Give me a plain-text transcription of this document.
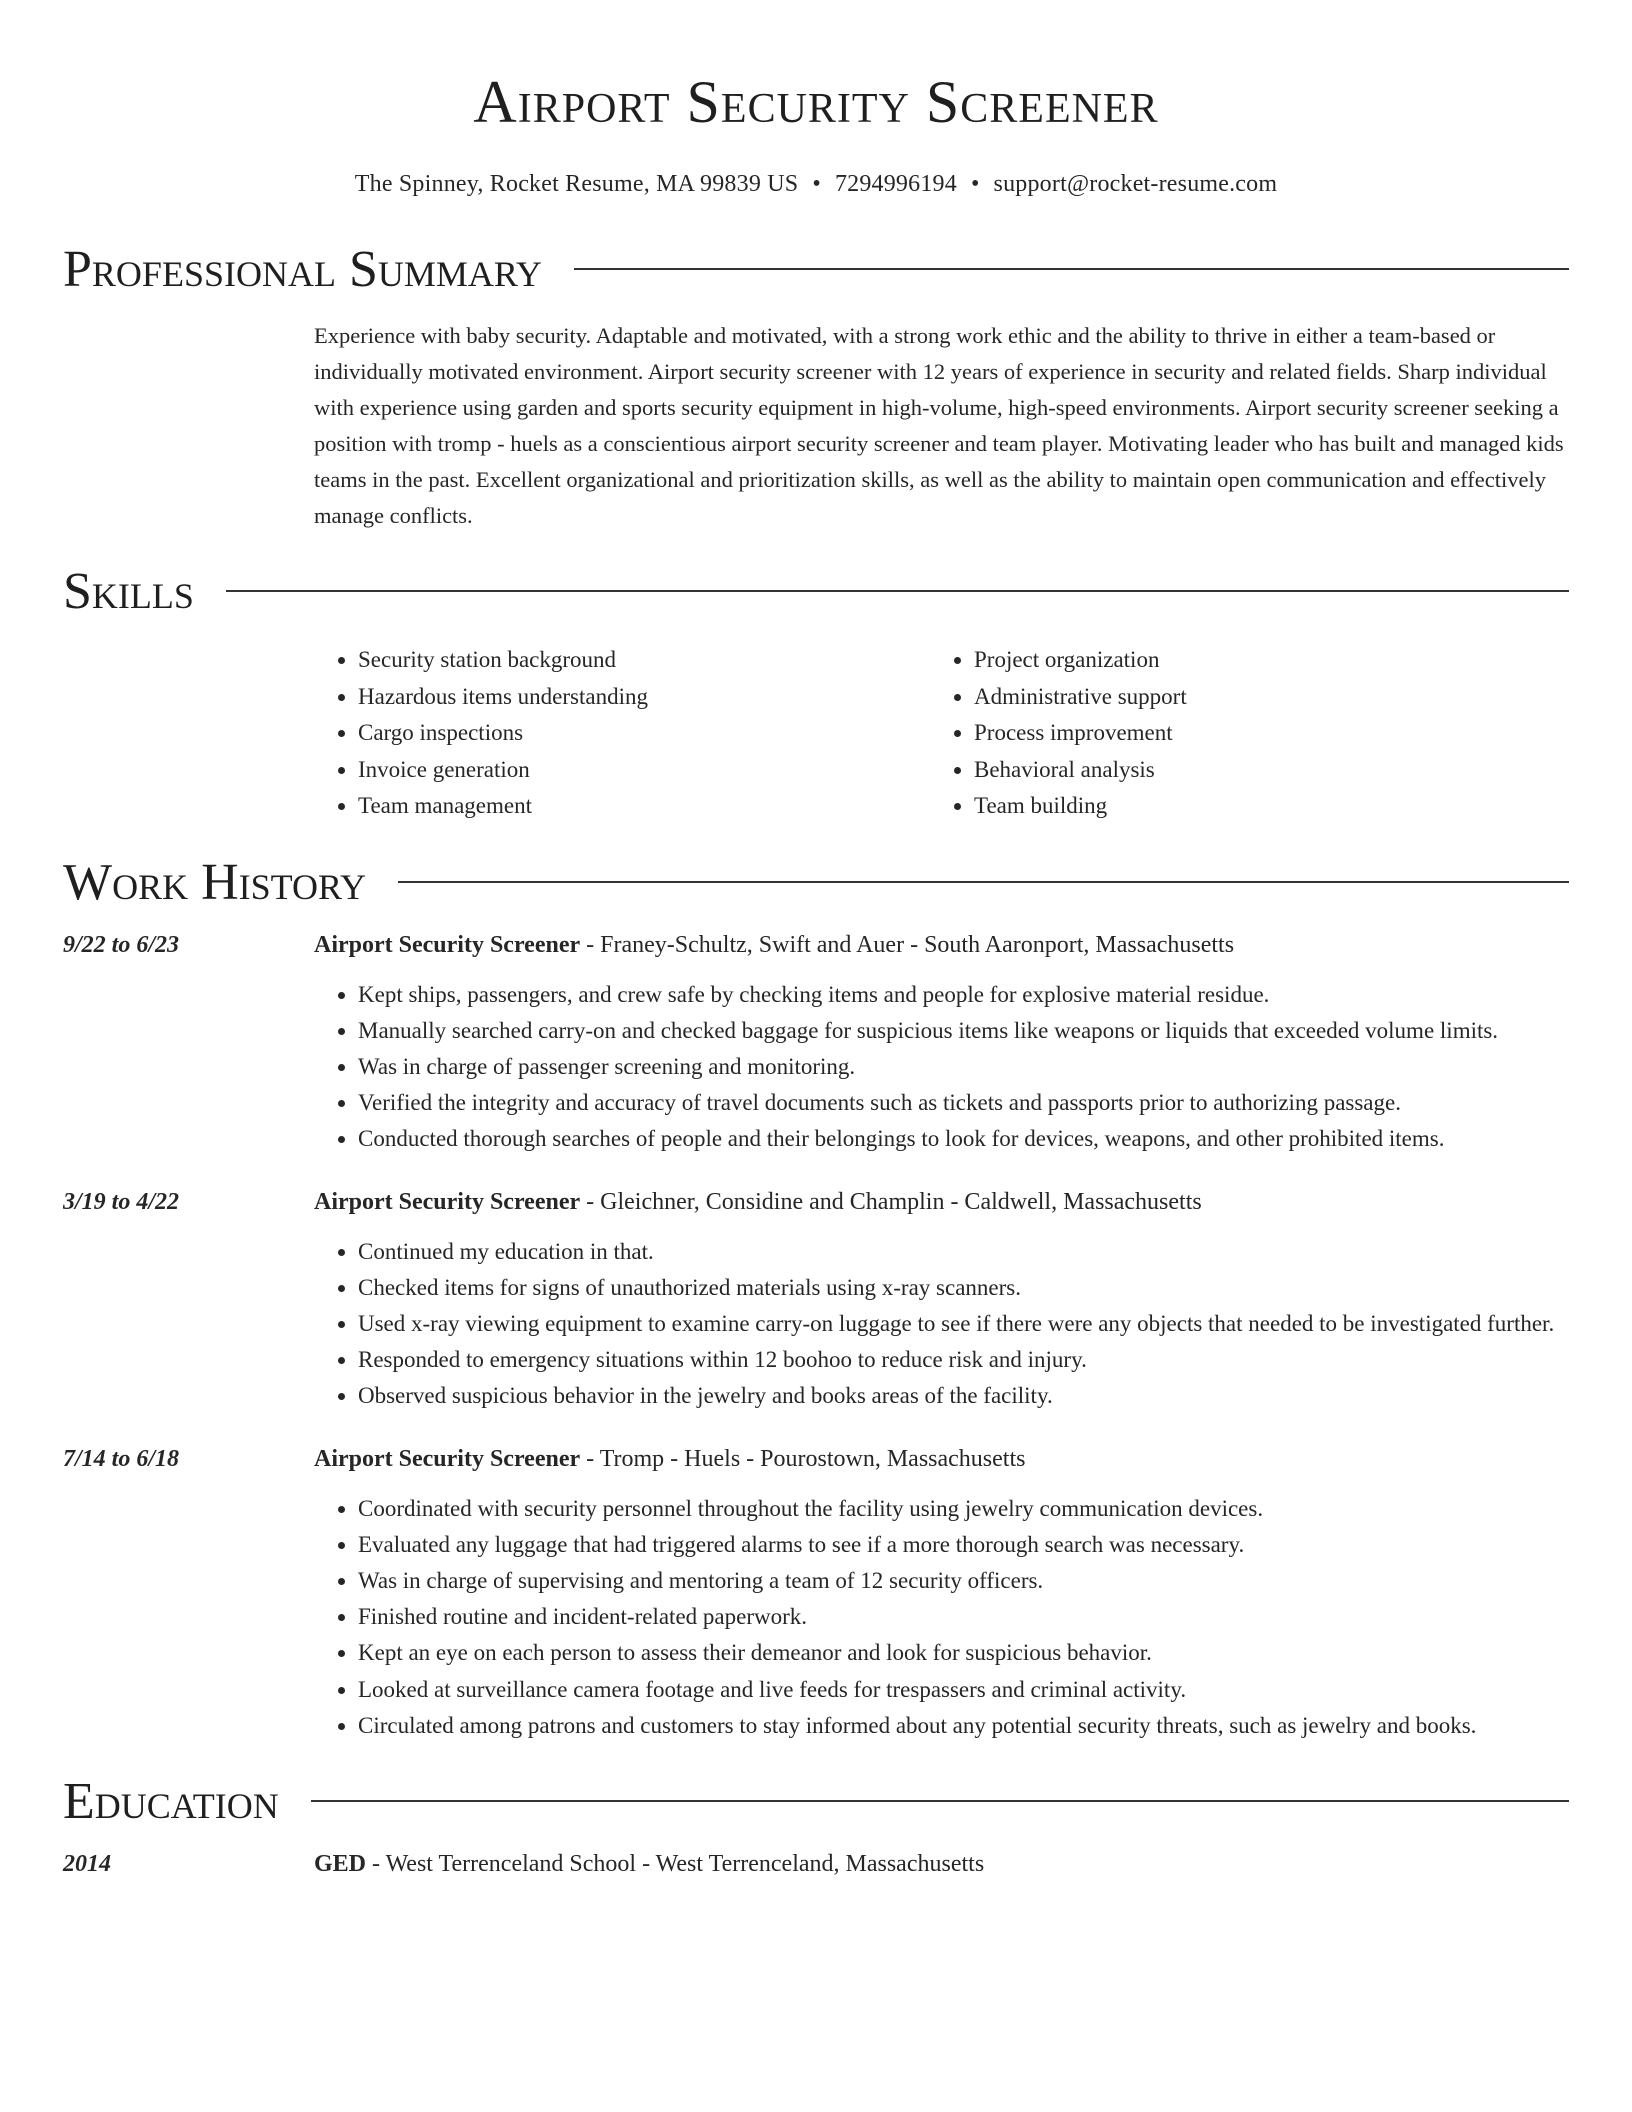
Airport Security Screener
The Spinney, Rocket Resume, MA 99839 US • 7294996194 • support@rocket-resume.com
Professional Summary
Experience with baby security. Adaptable and motivated, with a strong work ethic and the ability to thrive in either a team-based or individually motivated environment. Airport security screener with 12 years of experience in security and related fields. Sharp individual with experience using garden and sports security equipment in high-volume, high-speed environments. Airport security screener seeking a position with tromp - huels as a conscientious airport security screener and team player. Motivating leader who has built and managed kids teams in the past. Excellent organizational and prioritization skills, as well as the ability to maintain open communication and effectively manage conflicts.
Skills
• Security station background
• Hazardous items understanding
• Cargo inspections
• Invoice generation
• Team management
• Project organization
• Administrative support
• Process improvement
• Behavioral analysis
• Team building
Work History
9/22 to 6/23	Airport Security Screener - Franey-Schultz, Swift and Auer - South Aaronport, Massachusetts
• Kept ships, passengers, and crew safe by checking items and people for explosive material residue.
• Manually searched carry-on and checked baggage for suspicious items like weapons or liquids that exceeded volume limits.
• Was in charge of passenger screening and monitoring.
• Verified the integrity and accuracy of travel documents such as tickets and passports prior to authorizing passage.
• Conducted thorough searches of people and their belongings to look for devices, weapons, and other prohibited items.
3/19 to 4/22	Airport Security Screener - Gleichner, Considine and Champlin - Caldwell, Massachusetts
• Continued my education in that.
• Checked items for signs of unauthorized materials using x-ray scanners.
• Used x-ray viewing equipment to examine carry-on luggage to see if there were any objects that needed to be investigated further.
• Responded to emergency situations within 12 boohoo to reduce risk and injury.
• Observed suspicious behavior in the jewelry and books areas of the facility.
7/14 to 6/18	Airport Security Screener - Tromp - Huels - Pourostown, Massachusetts
• Coordinated with security personnel throughout the facility using jewelry communication devices.
• Evaluated any luggage that had triggered alarms to see if a more thorough search was necessary.
• Was in charge of supervising and mentoring a team of 12 security officers.
• Finished routine and incident-related paperwork.
• Kept an eye on each person to assess their demeanor and look for suspicious behavior.
• Looked at surveillance camera footage and live feeds for trespassers and criminal activity.
• Circulated among patrons and customers to stay informed about any potential security threats, such as jewelry and books.
Education
2014	GED - West Terrenceland School - West Terrenceland, Massachusetts
